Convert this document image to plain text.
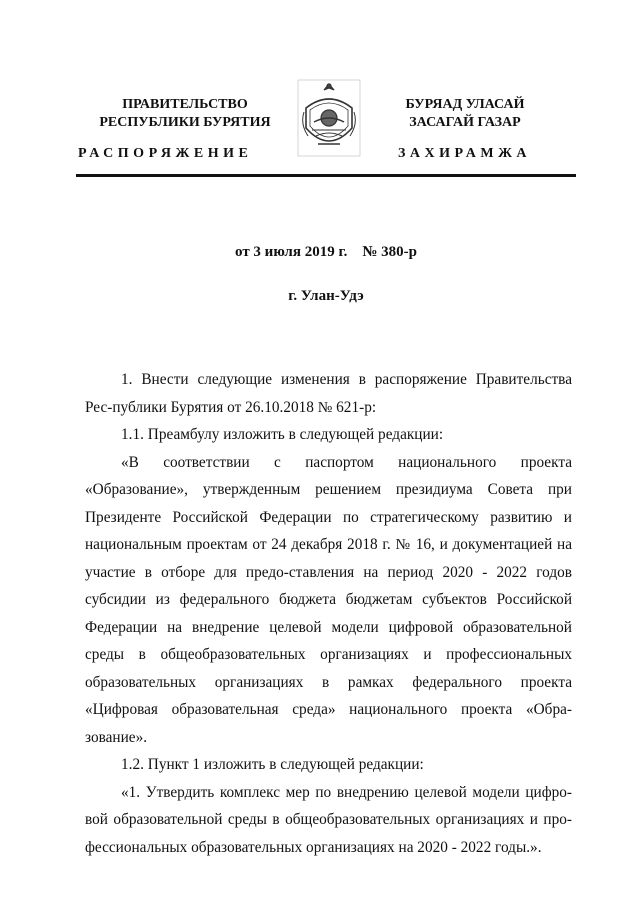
ПРАВИТЕЛЬСТВО
РЕСПУБЛИКИ БУРЯТИЯ
БУРЯАД УЛАСАЙ
ЗАСАГАЙ ГАЗАР
РАСПОРЯЖЕНИЕ	ЗАХИРАМЖА
от 3 июля 2019 г.    № 380-р
г. Улан-Удэ

1. Внести следующие изменения в распоряжение Правительства Рес-публики Бурятия от 26.10.2018 № 621-р:

1.1. Преамбулу изложить в следующей редакции:

«В соответствии с паспортом национального проекта «Образование», утвержденным решением президиума Совета при Президенте Российской Федерации по стратегическому развитию и национальным проектам от 24 декабря 2018 г. № 16, и документацией на участие в отборе для предо-ставления на период 2020 - 2022 годов субсидии из федерального бюджета бюджетам субъектов Российской Федерации на внедрение целевой модели цифровой образовательной среды в общеобразовательных организациях и профессиональных образовательных организациях в рамках федерального проекта «Цифровая образовательная среда» национального проекта «Обра-зование».

1.2. Пункт 1 изложить в следующей редакции:

«1. Утвердить комплекс мер по внедрению целевой модели цифро-вой образовательной среды в общеобразовательных организациях и про-фессиональных образовательных организациях на 2020 - 2022 годы.».
